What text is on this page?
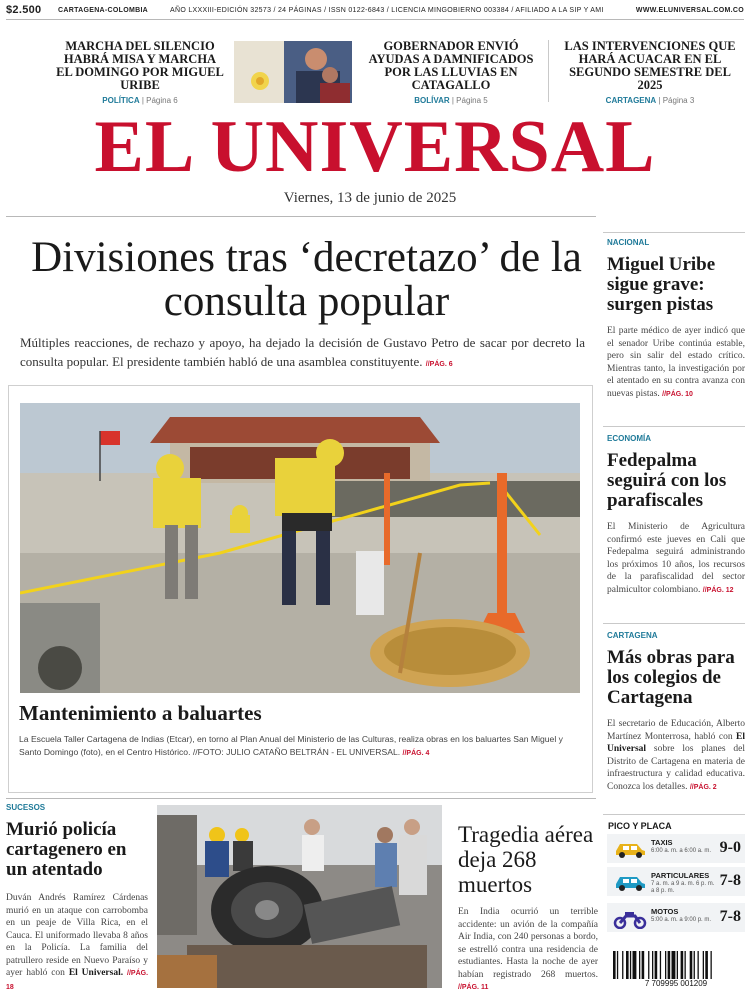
$2.500 CARTAGENA-COLOMBIA	AÑO LXXXIII-EDICIÓN 32573 / 24 PÁGINAS / ISSN 0122-6843 / LICENCIA MINGOBIERNO 003384 / AFILIADO A LA SIP Y AMI	WWW.ELUNIVERSAL.COM.CO
MARCHA DEL SILENCIO HABRÁ MISA Y MARCHA EL DOMINGO POR MIGUEL URIBE
POLÍTICA | Página 6
GOBERNADOR ENVIÓ AYUDAS A DAMNIFICADOS POR LAS LLUVIAS EN CATAGALLO
BOLÍVAR | Página 5
LAS INTERVENCIONES QUE HARÁ ACUACAR EN EL SEGUNDO SEMESTRE DEL 2025
CARTAGENA | Página 3
EL UNIVERSAL
Viernes, 13 de junio de 2025
Divisiones tras ‘decretazo’ de la consulta popular
Múltiples reacciones, de rechazo y apoyo, ha dejado la decisión de Gustavo Petro de sacar por decreto la consulta popular. El presidente también habló de una asamblea constituyente. //PÁG. 6
Mantenimiento a baluartes
La Escuela Taller Cartagena de Indias (Etcar), en torno al Plan Anual del Ministerio de las Culturas, realiza obras en los baluartes San Miguel y Santo Domingo (foto), en el Centro Histórico. //FOTO: JULIO CATAÑO BELTRÁN - EL UNIVERSAL. //PÁG. 4
NACIONAL
Miguel Uribe sigue grave: surgen pistas
El parte médico de ayer indicó que el senador Uribe continúa estable, pero sin salir del estado crítico. Mientras tanto, la investigación por el atentado en su contra avanza con nuevas pistas. //PÁG. 10
ECONOMÍA
Fedepalma seguirá con los parafiscales
El Ministerio de Agricultura confirmó este jueves en Cali que Fedepalma seguirá administrando los próximos 10 años, los recursos de la parafiscalidad del sector palmicultor colombiano. //PÁG. 12
CARTAGENA
Más obras para los colegios de Cartagena
El secretario de Educación, Alberto Martínez Monterrosa, habló con El Universal sobre los planes del Distrito de Cartagena en materia de infraestructura y calidad educativa. Conozca los detalles. //PÁG. 2
PICO Y PLACA
TAXIS
6:00 a. m. a 6:00 a. m. 9-0
PARTICULARES
7 a. m. a 9 a. m. 6 p. m. a 8 p. m.
7-8
MOTOS
5:00 a. m. a 9:00 p. m. 7-8
7 709995 001209
SUCESOS
Murió policía cartagenero en un atentado
Duván Andrés Ramírez Cárdenas murió en un ataque con carrobomba en un peaje de Villa Rica, en el Cauca. El uniformado llevaba 8 años en la Policía. La familia del patrullero reside en Nuevo Paraíso y ayer habló con El Universal. //PÁG. 18
Tragedia aérea deja 268 muertos
En India ocurrió un terrible accidente: un avión de la compañía Air India, con 240 personas a bordo, se estrelló contra una residencia de estudiantes. Hasta la noche de ayer habían registrado 268 muertos. //PÁG. 11
